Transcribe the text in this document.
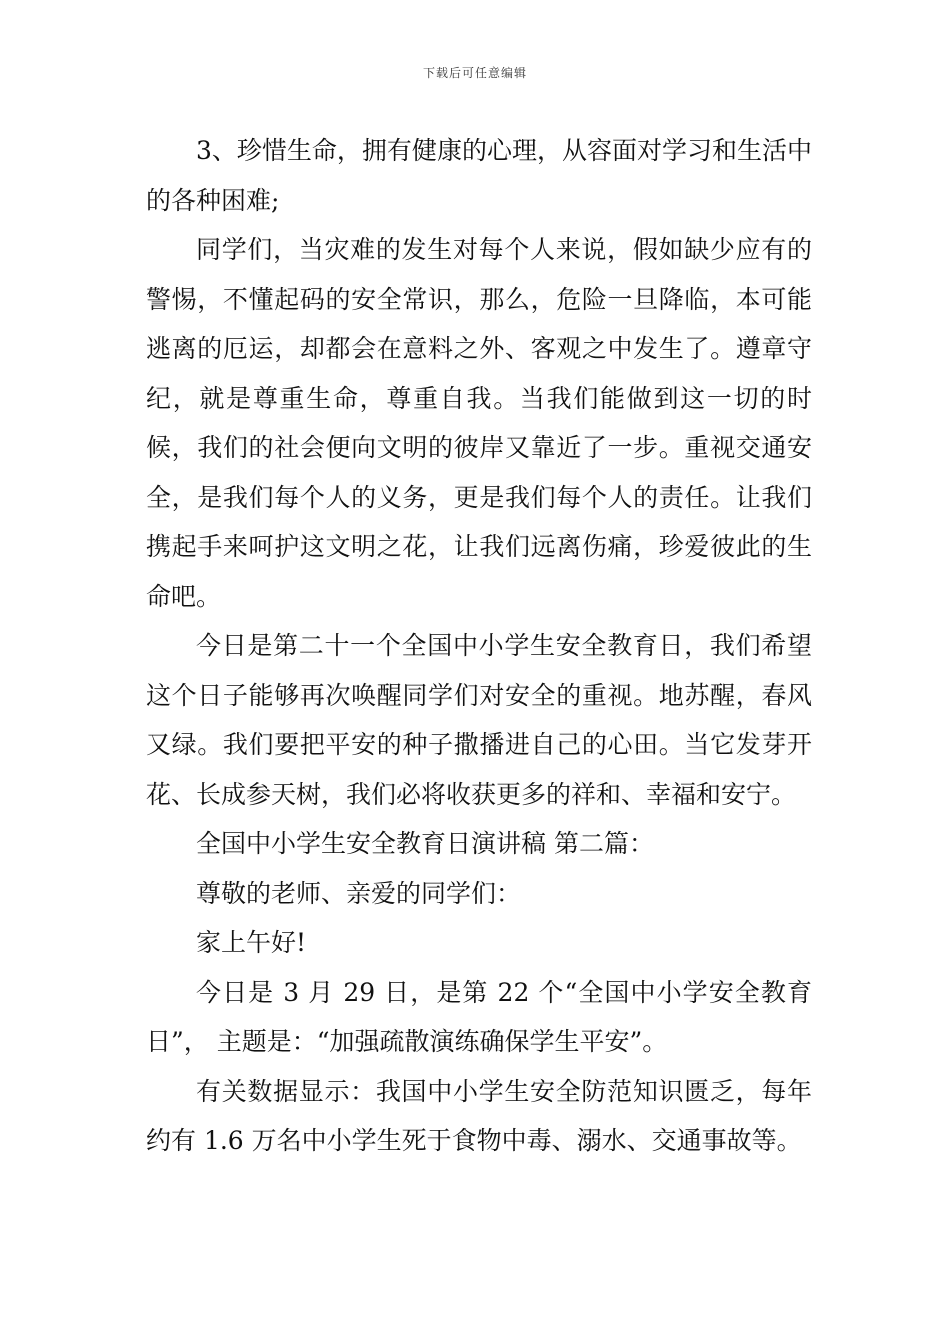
下载后可任意编辑

3、珍惜生命，拥有健康的心理，从容面对学习和生活中的各种困难;

同学们，当灾难的发生对每个人来说，假如缺少应有的警惕，不懂起码的安全常识，那么，危险一旦降临，本可能逃离的厄运，却都会在意料之外、客观之中发生了。遵章守纪，就是尊重生命，尊重自我。当我们能做到这一切的时候，我们的社会便向文明的彼岸又靠近了一步。重视交通安全，是我们每个人的义务，更是我们每个人的责任。让我们携起手来呵护这文明之花，让我们远离伤痛，珍爱彼此的生命吧。

今日是第二十一个全国中小学生安全教育日，我们希望这个日子能够再次唤醒同学们对安全的重视。地苏醒，春风又绿。我们要把平安的种子撒播进自己的心田。当它发芽开花、长成参天树，我们必将收获更多的祥和、幸福和安宁。

全国中小学生安全教育日演讲稿 第二篇：

尊敬的老师、亲爱的同学们：

家上午好!

今日是 3 月 29 日，是第 22 个“全国中小学安全教育日”， 主题是：“加强疏散演练确保学生平安”。

有关数据显示：我国中小学生安全防范知识匮乏，每年约有 1.6 万名中小学生死于食物中毒、溺水、交通事故等。
